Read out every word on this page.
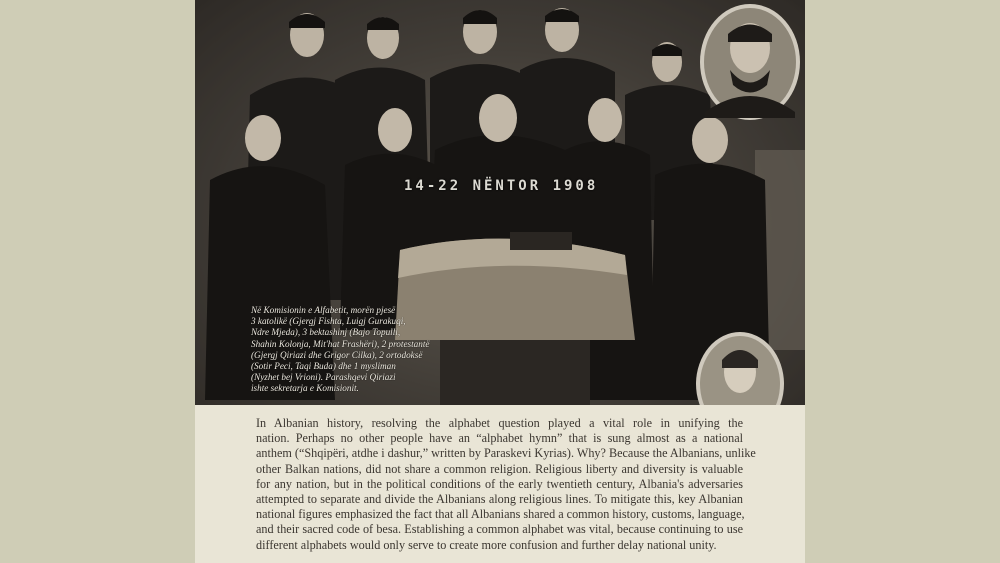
14-22 NËNTOR 1908
Në Komisionin e Alfabetit, morën pjesë
3 katolikë (Gjergj Fishta, Luigj Gurakuqi,
Ndre Mjeda), 3 bektashinj (Bajo Topulli,
Shahin Kolonja, Mit'hat Frashëri), 2 protestantë
(Gjergj Qiriazi dhe Grigor Cilka), 2 ortodoksë
(Sotir Peci, Taqi Buda) dhe 1 mysliman
(Nyzhet bej Vrioni). Parashqevi Qiriazi
ishte sekretarja e Komisionit.
In Albanian history, resolving the alphabet question played a vital role in unifying the
nation. Perhaps no other people have an “alphabet hymn” that is sung almost as a national
anthem (“Shqipëri, atdhe i dashur,” written by Paraskevi Kyrias). Why? Because the Albanians, unlike
other Balkan nations, did not share a common religion. Religious liberty and diversity is valuable
for any nation, but in the political conditions of the early twentieth century, Albania's adversaries
attempted to separate and divide the Albanians along religious lines. To mitigate this, key Albanian
national figures emphasized the fact that all Albanians shared a common history, customs, language,
and their sacred code of besa. Establishing a common alphabet was vital, because continuing to use
different alphabets would only serve to create more confusion and further delay national unity.
